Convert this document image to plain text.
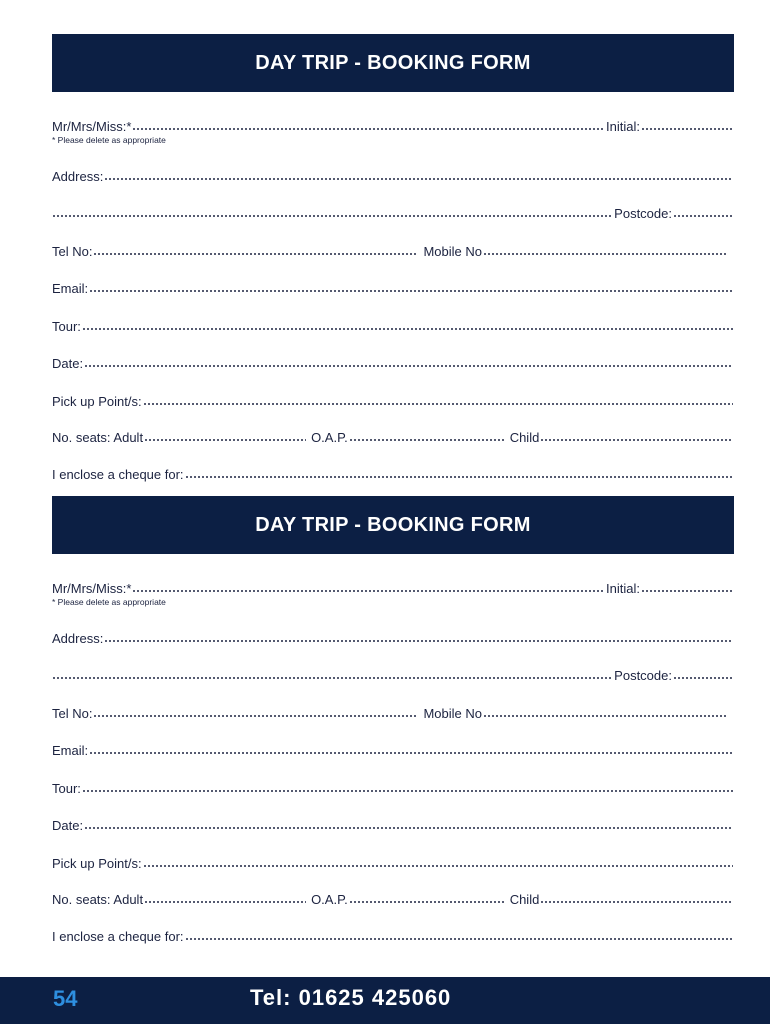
DAY TRIP - BOOKING FORM
Mr/Mrs/Miss:*	Initial:
* Please delete as appropriate
Address:
Postcode:
Tel No:	Mobile No
Email:
Tour:
Date:
Pick up Point/s:
No. seats: Adult	O.A.P.	Child
I enclose a cheque for:
DAY TRIP - BOOKING FORM
Mr/Mrs/Miss:*	Initial:
* Please delete as appropriate
Address:
Postcode:
Tel No:	Mobile No
Email:
Tour:
Date:
Pick up Point/s:
No. seats: Adult	O.A.P.	Child
I enclose a cheque for:
54	Tel: 01625 425060
